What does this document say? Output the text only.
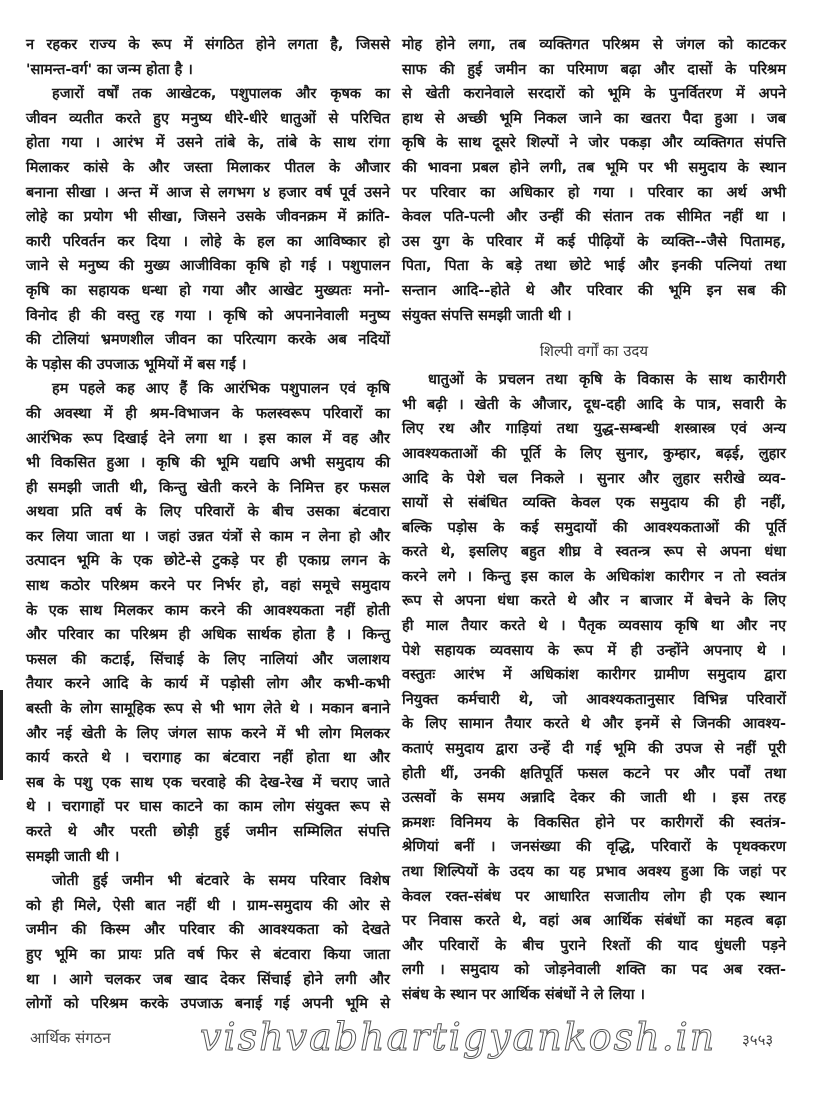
न रहकर राज्य के रूप में संगठित होने लगता है, जिससे
'सामन्त-वर्ग' का जन्म होता है ।
हजारों वर्षों तक आखेटक, पशुपालक और कृषक का
जीवन व्यतीत करते हुए मनुष्य धीरे-धीरे धातुओं से परिचित
होता गया । आरंभ में उसने तांबे के, तांबे के साथ रांगा
मिलाकर कांसे के और जस्ता मिलाकर पीतल के औजार
बनाना सीखा । अन्त में आज से लगभग ४ हजार वर्ष पूर्व उसने
लोहे का प्रयोग भी सीखा, जिसने उसके जीवनक्रम में क्रांति-
कारी परिवर्तन कर दिया । लोहे के हल का आविष्कार हो
जाने से मनुष्य की मुख्य आजीविका कृषि हो गई । पशुपालन
कृषि का सहायक धन्धा हो गया और आखेट मुख्यतः मनो-
विनोद ही की वस्तु रह गया । कृषि को अपनानेवाली मनुष्य
की टोलियां भ्रमणशील जीवन का परित्याग करके अब नदियों
के पड़ोस की उपजाऊ भूमियों में बस गईं ।
हम पहले कह आए हैं कि आरंभिक पशुपालन एवं कृषि
की अवस्था में ही श्रम-विभाजन के फलस्वरूप परिवारों का
आरंभिक रूप दिखाई देने लगा था । इस काल में वह और
भी विकसित हुआ । कृषि की भूमि यद्यपि अभी समुदाय की
ही समझी जाती थी, किन्तु खेती करने के निमित्त हर फसल
अथवा प्रति वर्ष के लिए परिवारों के बीच उसका बंटवारा
कर लिया जाता था । जहां उन्नत यंत्रों से काम न लेना हो और
उत्पादन भूमि के एक छोटे-से टुकड़े पर ही एकाग्र लगन के
साथ कठोर परिश्रम करने पर निर्भर हो, वहां समूचे समुदाय
के एक साथ मिलकर काम करने की आवश्यकता नहीं होती
और परिवार का परिश्रम ही अधिक सार्थक होता है । किन्तु
फसल की कटाई, सिंचाई के लिए नालियां और जलाशय
तैयार करने आदि के कार्य में पड़ोसी लोग और कभी-कभी
बस्ती के लोग सामूहिक रूप से भी भाग लेते थे । मकान बनाने
और नई खेती के लिए जंगल साफ करने में भी लोग मिलकर
कार्य करते थे । चरागाह का बंटवारा नहीं होता था और
सब के पशु एक साथ एक चरवाहे की देख-रेख में चराए जाते
थे । चरागाहों पर घास काटने का काम लोग संयुक्त रूप से
करते थे और परती छोड़ी हुई जमीन सम्मिलित संपत्ति
समझी जाती थी ।
जोती हुई जमीन भी बंटवारे के समय परिवार विशेष
को ही मिले, ऐसी बात नहीं थी । ग्राम-समुदाय की ओर से
जमीन की किस्म और परिवार की आवश्यकता को देखते
हुए भूमि का प्रायः प्रति वर्ष फिर से बंटवारा किया जाता
था । आगे चलकर जब खाद देकर सिंचाई होने लगी और
लोगों को परिश्रम करके उपजाऊ बनाई गई अपनी भूमि से
मोह होने लगा, तब व्यक्तिगत परिश्रम से जंगल को काटकर
साफ की हुई जमीन का परिमाण बढ़ा और दासों के परिश्रम
से खेती करानेवाले सरदारों को भूमि के पुनर्वितरण में अपने
हाथ से अच्छी भूमि निकल जाने का खतरा पैदा हुआ । जब
कृषि के साथ दूसरे शिल्पों ने जोर पकड़ा और व्यक्तिगत संपत्ति
की भावना प्रबल होने लगी, तब भूमि पर भी समुदाय के स्थान
पर परिवार का अधिकार हो गया । परिवार का अर्थ अभी
केवल पति-पत्नी और उन्हीं की संतान तक सीमित नहीं था ।
उस युग के परिवार में कई पीढ़ियों के व्यक्ति--जैसे पितामह,
पिता, पिता के बड़े तथा छोटे भाई और इनकी पत्नियां तथा
सन्तान आदि--होते थे और परिवार की भूमि इन सब की
संयुक्त संपत्ति समझी जाती थी ।
शिल्पी वर्गों का उदय
धातुओं के प्रचलन तथा कृषि के विकास के साथ कारीगरी
भी बढ़ी । खेती के औजार, दूध-दही आदि के पात्र, सवारी के
लिए रथ और गाड़ियां तथा युद्ध-सम्बन्धी शस्त्रास्त्र एवं अन्य
आवश्यकताओं की पूर्ति के लिए सुनार, कुम्हार, बढ़ई, लुहार
आदि के पेशे चल निकले । सुनार और लुहार सरीखे व्यव-
सायों से संबंधित व्यक्ति केवल एक समुदाय की ही नहीं,
बल्कि पड़ोस के कई समुदायों की आवश्यकताओं की पूर्ति
करते थे, इसलिए बहुत शीघ्र वे स्वतन्त्र रूप से अपना धंधा
करने लगे । किन्तु इस काल के अधिकांश कारीगर न तो स्वतंत्र
रूप से अपना धंधा करते थे और न बाजार में बेचने के लिए
ही माल तैयार करते थे । पैतृक व्यवसाय कृषि था और नए
पेशे सहायक व्यवसाय के रूप में ही उन्होंने अपनाए थे ।
वस्तुतः आरंभ में अधिकांश कारीगर ग्रामीण समुदाय द्वारा
नियुक्त कर्मचारी थे, जो आवश्यकतानुसार विभिन्न परिवारों
के लिए सामान तैयार करते थे और इनमें से जिनकी आवश्य-
कताएं समुदाय द्वारा उन्हें दी गई भूमि की उपज से नहीं पूरी
होती थीं, उनकी क्षतिपूर्ति फसल कटने पर और पर्वों तथा
उत्सवों के समय अन्नादि देकर की जाती थी । इस तरह
क्रमशः विनिमय के विकसित होने पर कारीगरों की स्वतंत्र-
श्रेणियां बनीं । जनसंख्या की वृद्धि, परिवारों के पृथक्करण
तथा शिल्पियों के उदय का यह प्रभाव अवश्य हुआ कि जहां पर
केवल रक्त-संबंध पर आधारित सजातीय लोग ही एक स्थान
पर निवास करते थे, वहां अब आर्थिक संबंधों का महत्व बढ़ा
और परिवारों के बीच पुराने रिश्तों की याद धुंधली पड़ने
लगी । समुदाय को जोड़नेवाली शक्ति का पद अब रक्त-
संबंध के स्थान पर आर्थिक संबंधों ने ले लिया ।
आर्थिक संगठन vishvabhartigyankosh.in ३५५३
